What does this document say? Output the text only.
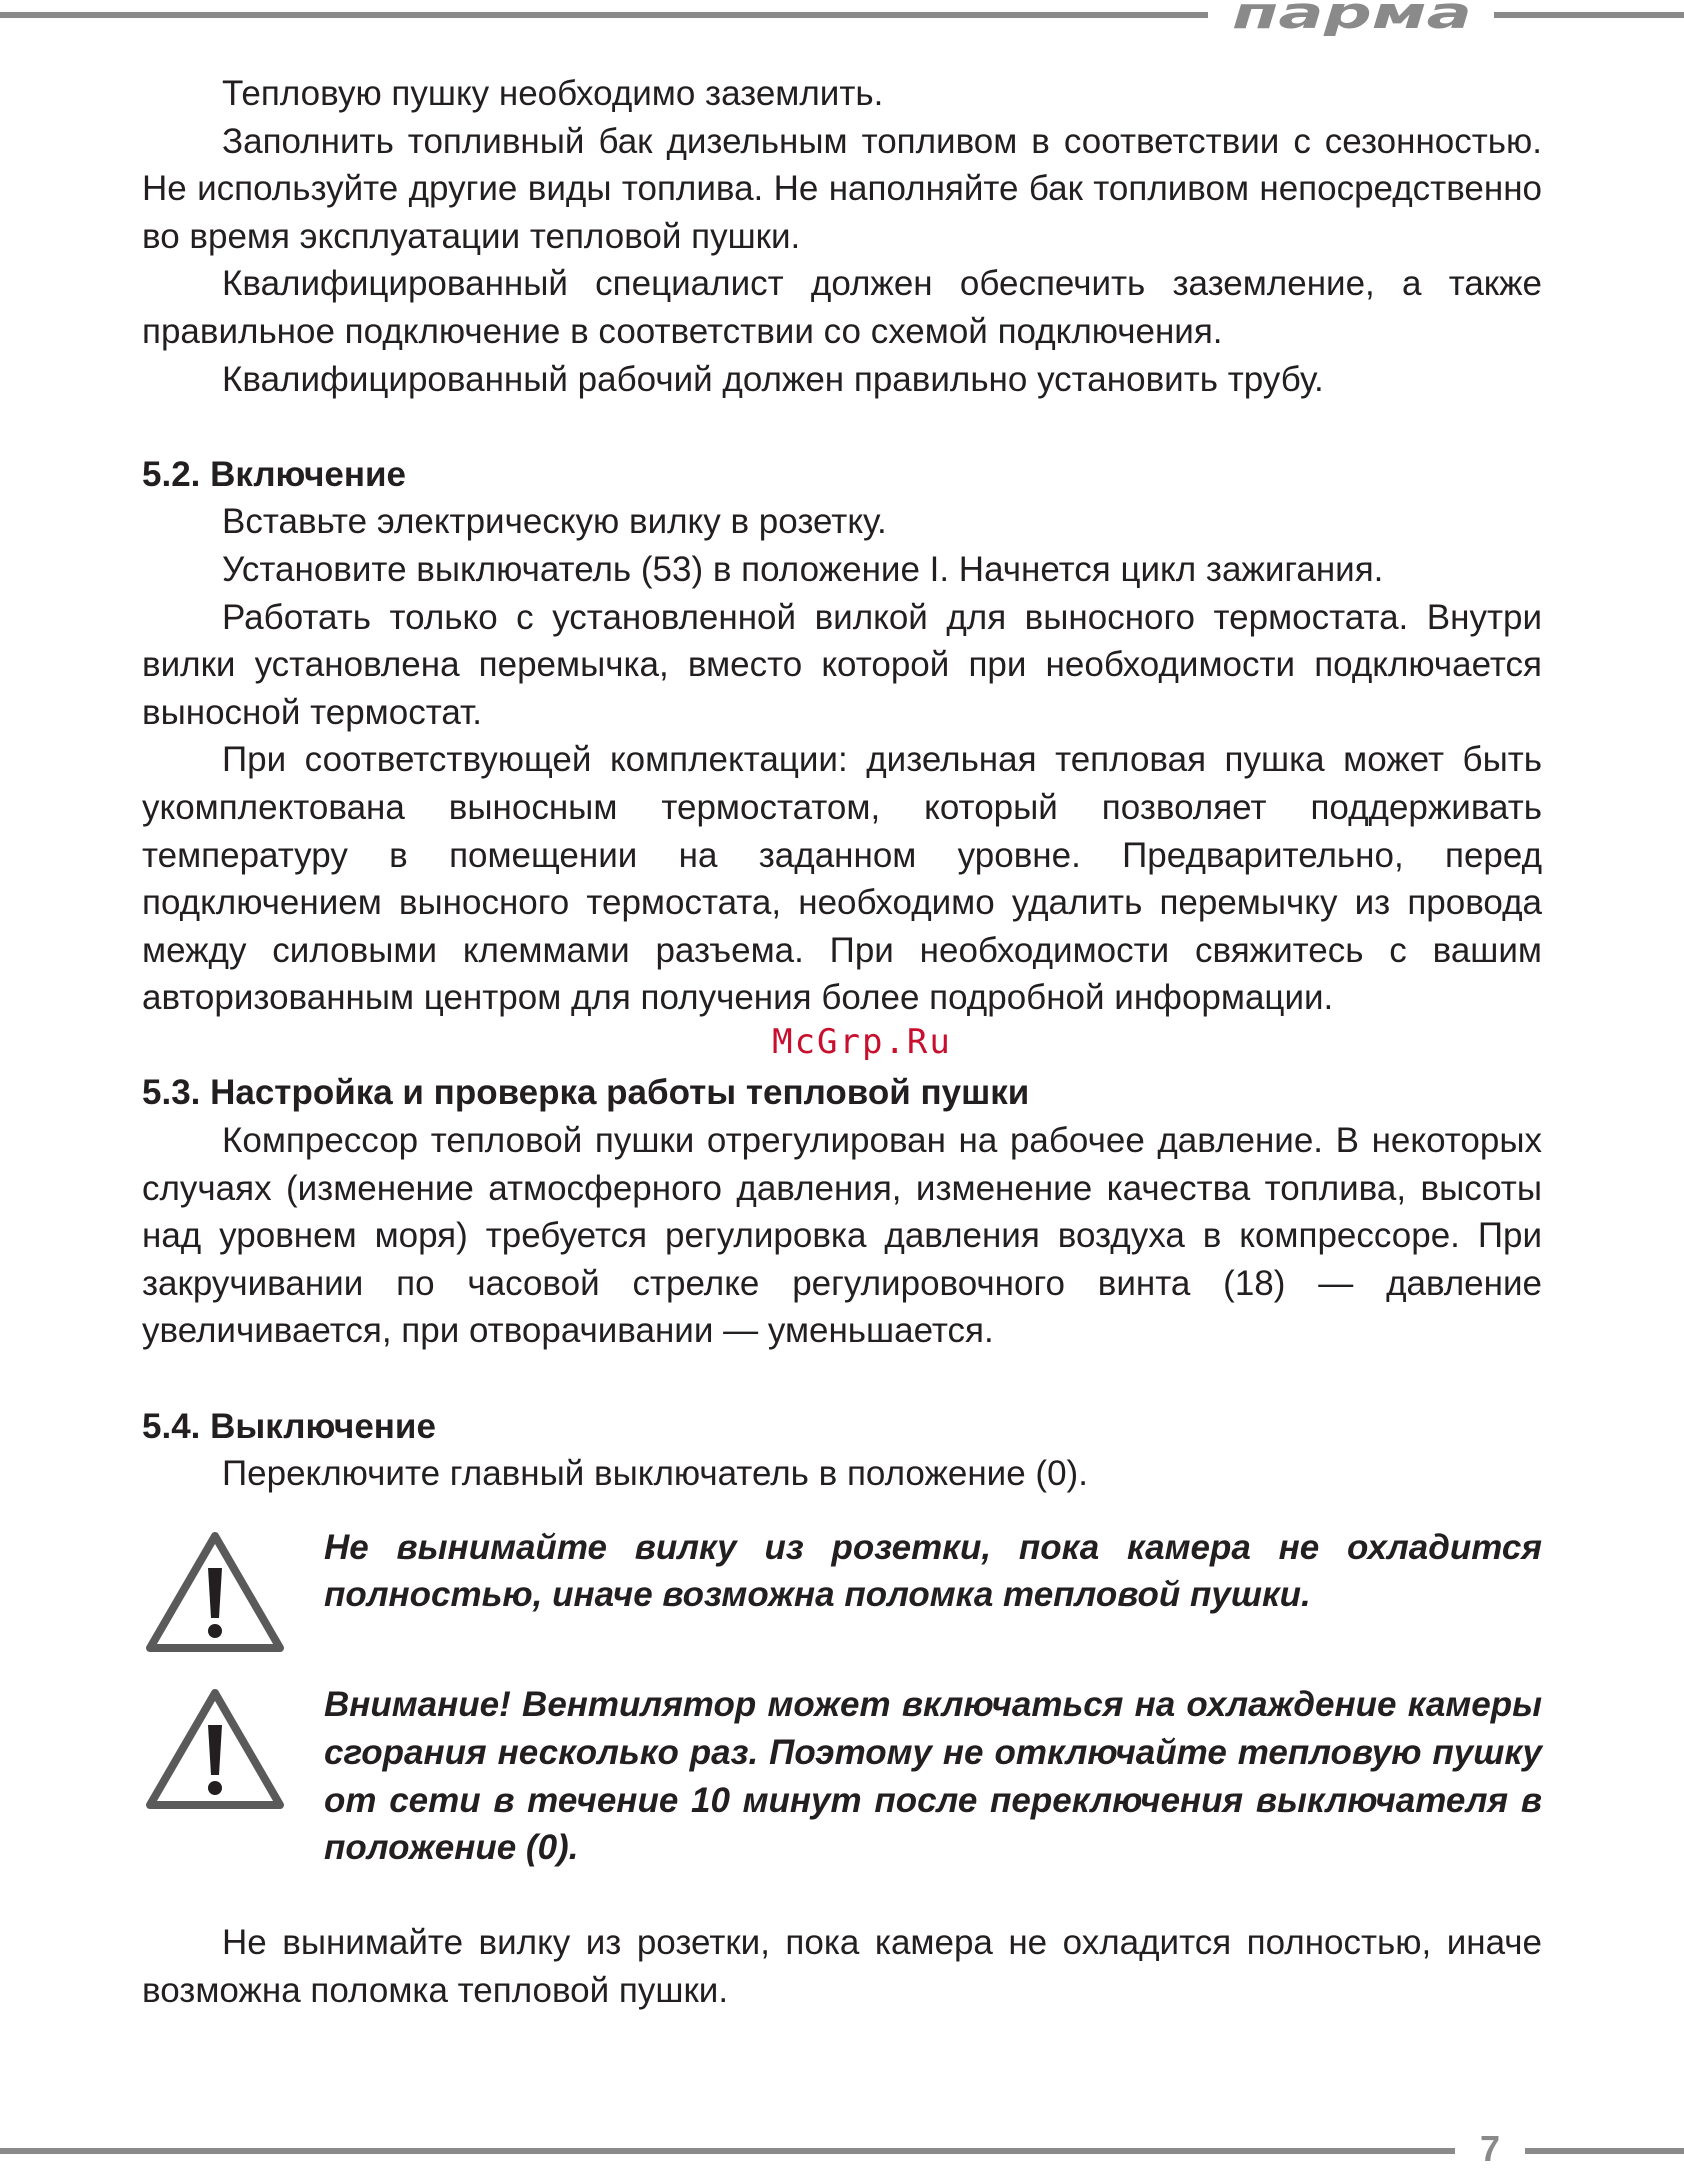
парма

Тепловую пушку необходимо заземлить.

Заполнить топливный бак дизельным топливом в соответствии с сезонностью. Не используйте другие виды топлива. Не наполняйте бак топливом непосредственно во время эксплуатации тепловой пушки.

Квалифицированный специалист должен обеспечить заземление, а также правильное подключение в соответствии со схемой подключения.

Квалифицированный рабочий должен правильно установить трубу.

5.2. Включение

Вставьте электрическую вилку в розетку.

Установите выключатель (53) в положение I. Начнется цикл зажигания.

Работать только с установленной вилкой для выносного термостата. Внутри вилки установлена перемычка, вместо которой при необходимости подключается выносной термостат.

При соответствующей комплектации: дизельная тепловая пушка может быть укомплектована выносным термостатом, который позволяет поддерживать температуру в помещении на заданном уровне. Предварительно, перед подключением выносного термостата, необходимо удалить перемычку из провода между силовыми клеммами разъема. При необходимости свяжитесь с вашим авторизованным центром для получения более подробной информации.

McGrp.Ru

5.3. Настройка и проверка работы тепловой пушки

Компрессор тепловой пушки отрегулирован на рабочее давление. В некоторых случаях (изменение атмосферного давления, изменение качества топлива, высоты над уровнем моря) требуется регулировка давления воздуха в компрессоре. При закручивании по часовой стрелке регулировочного винта (18) — давление увеличивается, при отворачивании — уменьшается.

5.4. Выключение

Переключите главный выключатель в положение (0).

Не вынимайте вилку из розетки, пока камера не охладится полностью, иначе возможна поломка тепловой пушки.

Внимание! Вентилятор может включаться на охлаждение камеры сгорания несколько раз. Поэтому не отключайте тепловую пушку от сети в течение 10 минут после переключения выключателя в положение (0).

Не вынимайте вилку из розетки, пока камера не охладится полностью, иначе возможна поломка тепловой пушки.

7
